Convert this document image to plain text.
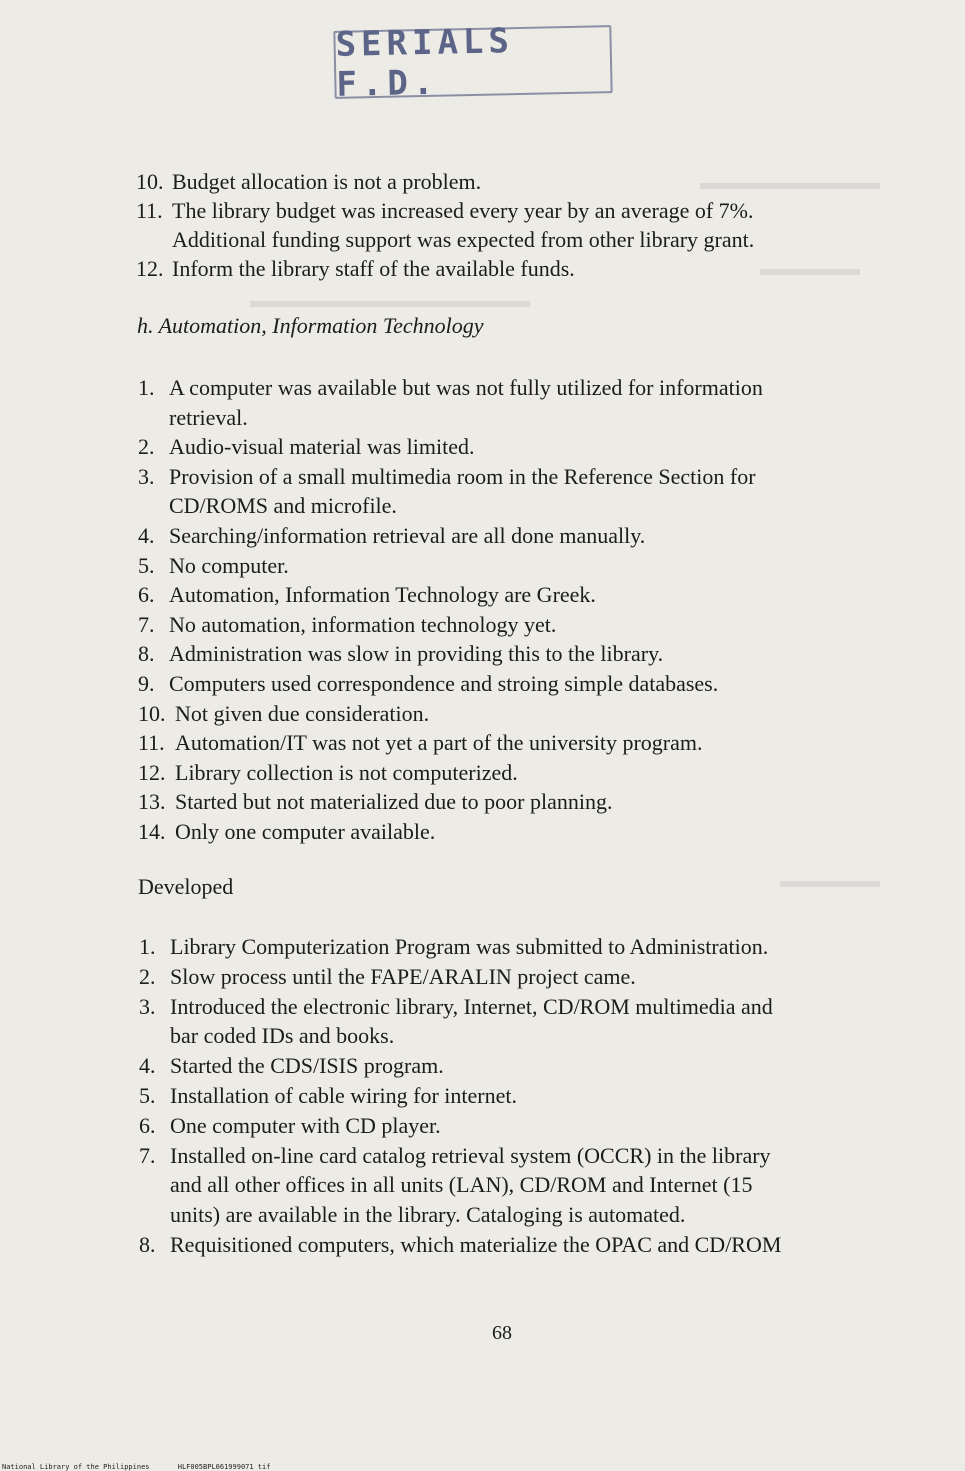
▬▬▬▬▬▬▬▬▬
▬▬▬▬▬
▬▬▬▬▬▬▬▬▬▬▬▬▬▬
▬▬▬▬▬
SERIALS F.D.
10. Budget allocation is not a problem.
11. The library budget was increased every year by an average of 7%.
Additional funding support was expected from other library grant.
12. Inform the library staff of the available funds.
h. Automation, Information Technology
1. A computer was available but was not fully utilized for information
retrieval.
2. Audio-visual material was limited.
3. Provision of a small multimedia room in the Reference Section for
CD/ROMS and microfile.
4. Searching/information retrieval are all done manually.
5. No computer.
6. Automation, Information Technology are Greek.
7. No automation, information technology yet.
8. Administration was slow in providing this to the library.
9. Computers used correspondence and stroing simple databases.
10. Not given due consideration.
11. Automation/IT was not yet a part of the university program.
12. Library collection is not computerized.
13. Started but not materialized due to poor planning.
14. Only one computer available.
Developed
1. Library Computerization Program was submitted to Administration.
2. Slow process until the FAPE/ARALIN project came.
3. Introduced the electronic library, Internet, CD/ROM multimedia and
bar coded IDs and books.
4. Started the CDS/ISIS program.
5. Installation of cable wiring for internet.
6. One computer with CD player.
7. Installed on-line card catalog retrieval system (OCCR) in the library
and all other offices in all units (LAN), CD/ROM and Internet (15
units) are available in the library. Cataloging is automated.
8. Requisitioned computers, which materialize the OPAC and CD/ROM
68
National Library of the Philippines	HLF005BPL061999071 tif
